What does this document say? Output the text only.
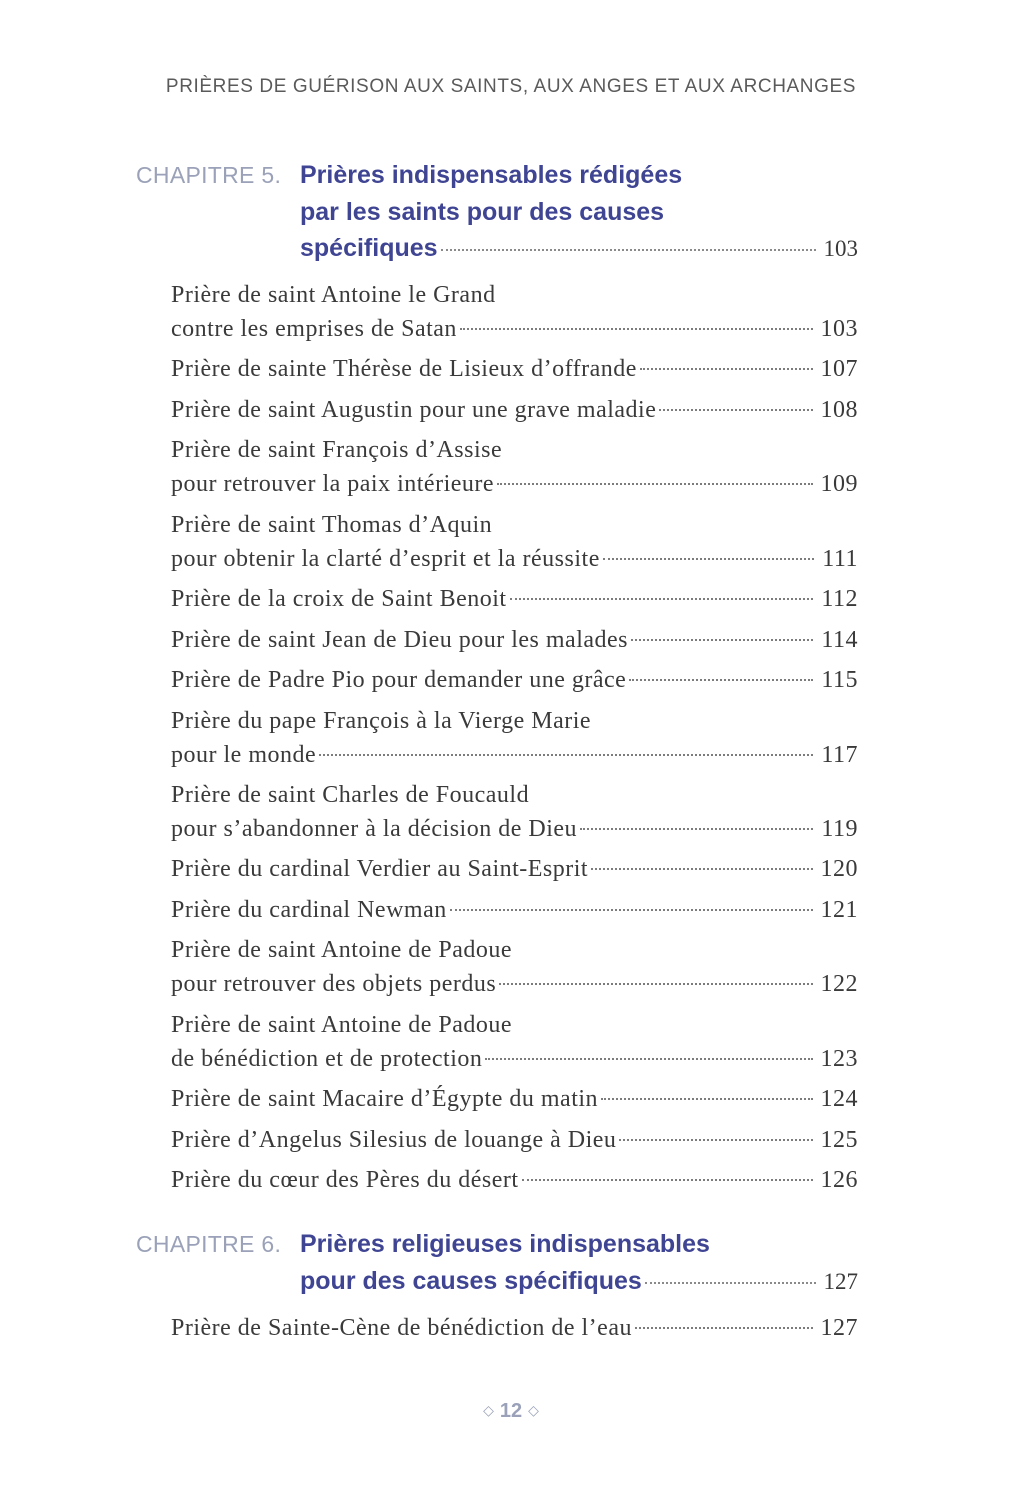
PRIÈRES DE GUÉRISON AUX SAINTS, AUX ANGES ET AUX ARCHANGES
CHAPITRE 5. Prières indispensables rédigées
par les saints pour des causes
spécifiques	103
Prière de saint Antoine le Grand
contre les emprises de Satan	103
Prière de sainte Thérèse de Lisieux d’offrande	107
Prière de saint Augustin pour une grave maladie	108
Prière de saint François d’Assise
pour retrouver la paix intérieure	109
Prière de saint Thomas d’Aquin
pour obtenir la clarté d’esprit et la réussite	111
Prière de la croix de Saint Benoit	112
Prière de saint Jean de Dieu pour les malades	114
Prière de Padre Pio pour demander une grâce	115
Prière du pape François à la Vierge Marie
pour le monde	117
Prière de saint Charles de Foucauld
pour s’abandonner à la décision de Dieu	119
Prière du cardinal Verdier au Saint-Esprit	120
Prière du cardinal Newman	121
Prière de saint Antoine de Padoue
pour retrouver des objets perdus	122
Prière de saint Antoine de Padoue
de bénédiction et de protection	123
Prière de saint Macaire d’Égypte du matin	124
Prière d’Angelus Silesius de louange à Dieu	125
Prière du cœur des Pères du désert	126
CHAPITRE 6. Prières religieuses indispensables
pour des causes spécifiques	127
Prière de Sainte-Cène de bénédiction de l’eau	127
◇ 12 ◇
